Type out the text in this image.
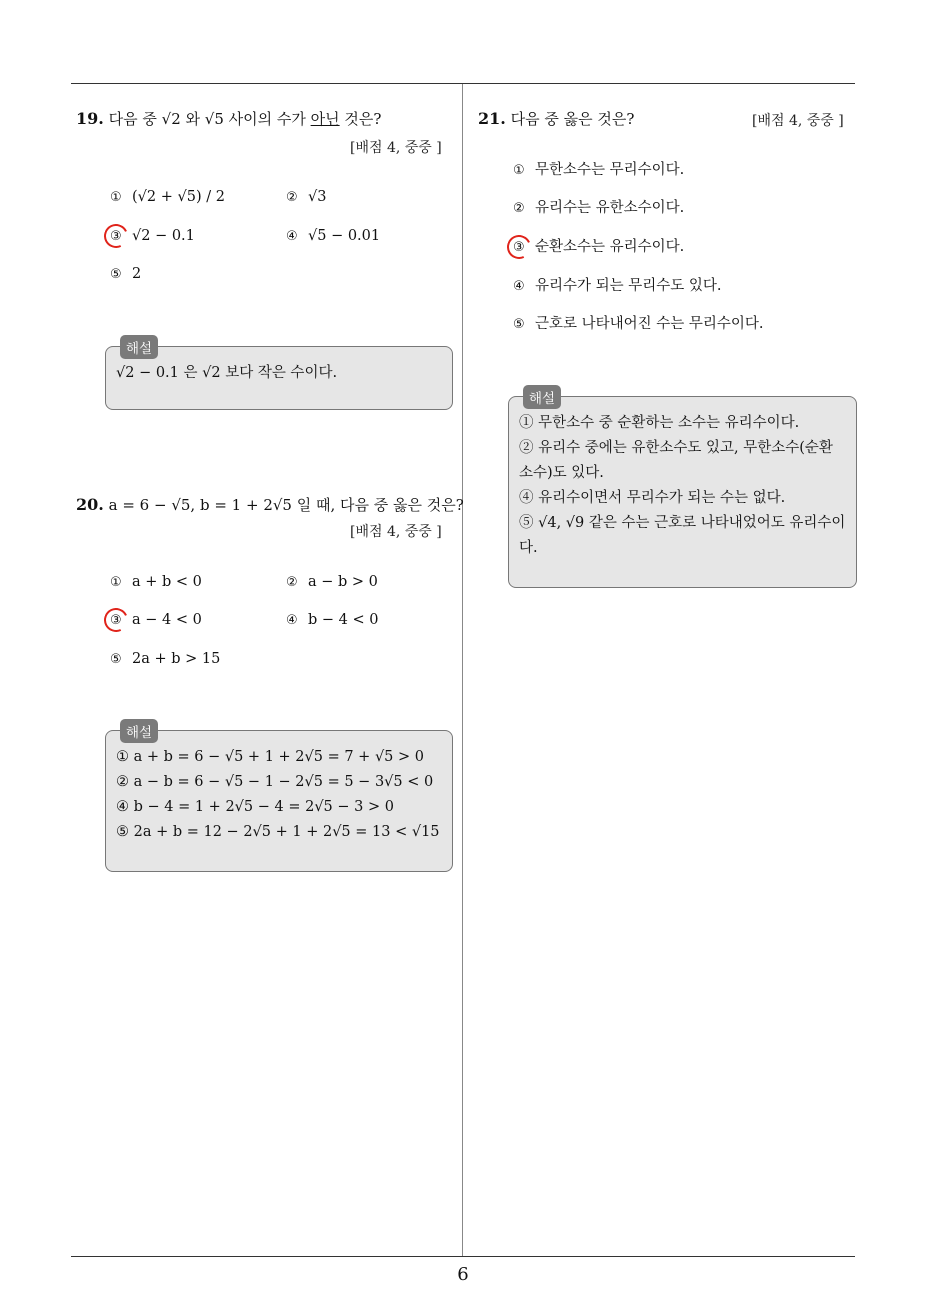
19. 다음 중 √2 와 √5 사이의 수가 아닌 것은?
[배점 4, 중중 ]
① (√2 + √5) / 2	② √3
③ √2 − 0.1	④ √5 − 0.01
⑤ 2
해설
√2 − 0.1 은 √2 보다 작은 수이다.
20. a = 6 − √5, b = 1 + 2√5 일 때, 다음 중 옳은 것은?
[배점 4, 중중 ]
① a + b < 0	② a − b > 0
③ a − 4 < 0	④ b − 4 < 0
⑤ 2a + b > 15
해설
① a + b = 6 − √5 + 1 + 2√5 = 7 + √5 > 0
② a − b = 6 − √5 − 1 − 2√5 = 5 − 3√5 < 0
④ b − 4 = 1 + 2√5 − 4 = 2√5 − 3 > 0
⑤ 2a + b = 12 − 2√5 + 1 + 2√5 = 13 < √15
21. 다음 중 옳은 것은?	[배점 4, 중중 ]
① 무한소수는 무리수이다.
② 유리수는 유한소수이다.
③ 순환소수는 유리수이다.
④ 유리수가 되는 무리수도 있다.
⑤ 근호로 나타내어진 수는 무리수이다.
해설
① 무한소수 중 순환하는 소수는 유리수이다.
② 유리수 중에는 유한소수도 있고, 무한소수(순환소수)도 있다.
④ 유리수이면서 무리수가 되는 수는 없다.
⑤ √4, √9 같은 수는 근호로 나타내었어도 유리수이다.
6
